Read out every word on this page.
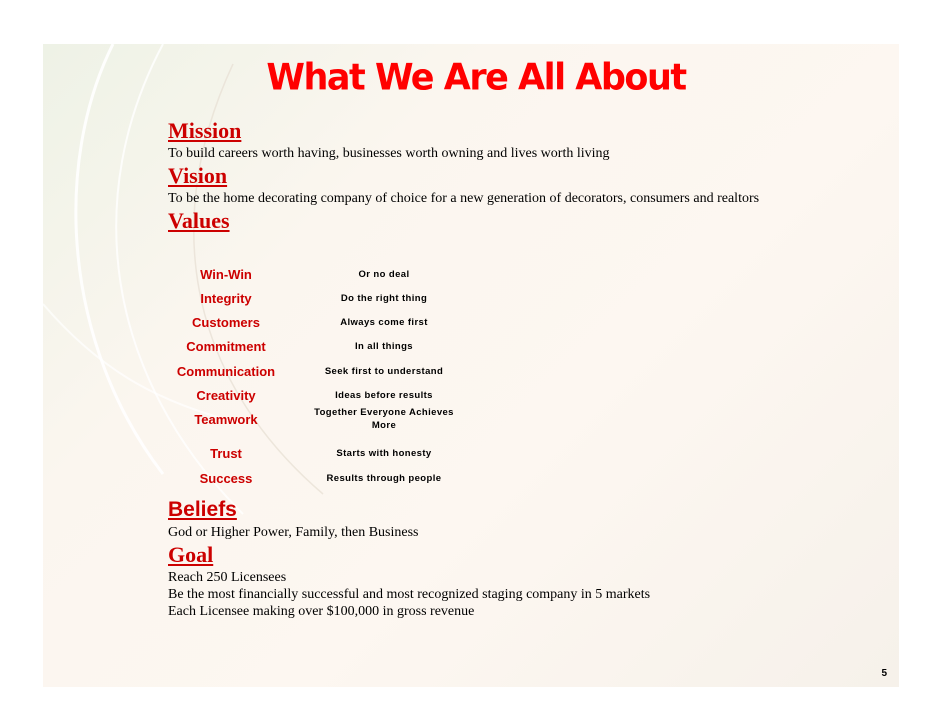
What We Are All About
Mission

To build careers worth having, businesses worth owning and lives worth living

Vision

To be the home decorating company of choice for a new generation of decorators, consumers and realtors

Values
Win-Win	Or no deal
Integrity	Do the right thing
Customers	Always come first
Commitment	In all things
Communication	Seek first to understand
Creativity	Ideas before results
Teamwork	Together Everyone Achieves More
Trust	Starts with honesty
Success	Results through people
Beliefs

God or Higher Power, Family, then Business

Goal

Reach 250 Licensees

Be the most financially successful and most recognized staging company in 5 markets

Each Licensee making over $100,000 in gross revenue

5
